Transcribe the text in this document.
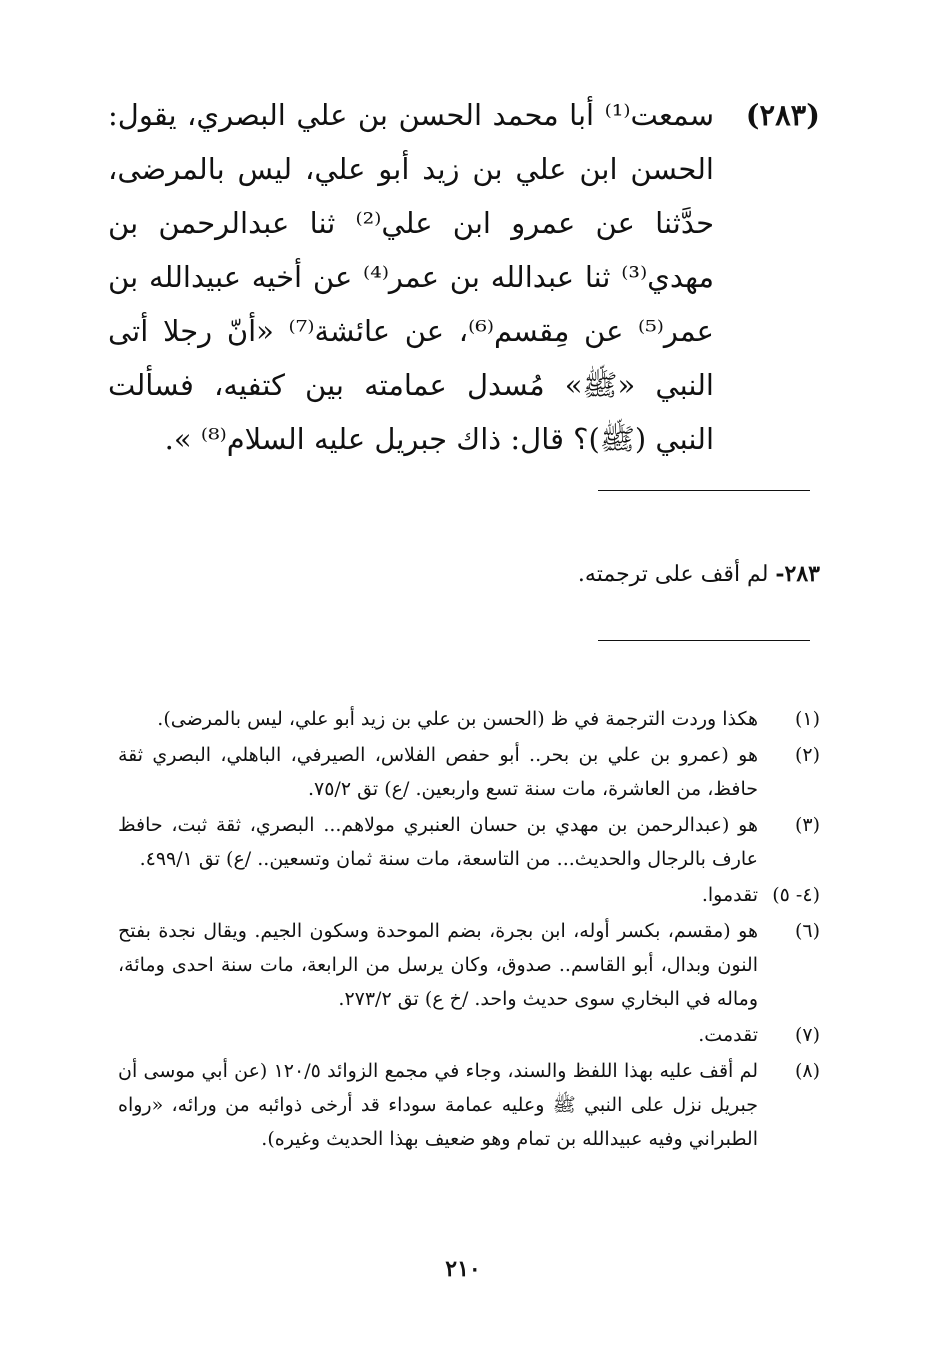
(٢٨٣)
سمعت⁽¹⁾ أبا محمد الحسن بن علي البصري، يقول: الحسن ابن علي بن زيد أبو علي، ليس بالمرضى، حدَّثنا عن عمرو ابن علي⁽²⁾ ثنا عبدالرحمن بن مهدي⁽³⁾ ثنا عبدالله بن عمر⁽⁴⁾ عن أخيه عبيدالله بن عمر⁽⁵⁾ عن مِقسم⁽⁶⁾، عن عائشة⁽⁷⁾ «أنّ رجلا أتى النبي «ﷺ» مُسدل عمامته بين كتفيه، فسألت النبي (ﷺ)؟ قال: ذاك جبريل عليه السلام⁽⁸⁾ ».
٢٨٣- لم أقف على ترجمته.
(١)
هكذا وردت الترجمة في ظ (الحسن بن علي بن زيد أبو علي، ليس بالمرضى).
(٢)
هو (عمرو بن علي بن بحر.. أبو حفص الفلاس، الصيرفي، الباهلي، البصري ثقة حافظ، من العاشرة، مات سنة تسع واربعين. /ع) تق ٧٥/٢.
(٣)
هو (عبدالرحمن بن مهدي بن حسان العنبري مولاهم... البصري، ثقة ثبت، حافظ عارف بالرجال والحديث... من التاسعة، مات سنة ثمان وتسعين.. /ع) تق ٤٩٩/١.
(٤- ٥)
تقدموا.
(٦)
هو (مقسم، بكسر أوله، ابن بجرة، بضم الموحدة وسكون الجيم. ويقال نجدة بفتح النون وبدال، أبو القاسم.. صدوق، وكان يرسل من الرابعة، مات سنة احدى ومائة، وماله في البخاري سوى حديث واحد. /خ ع) تق ٢٧٣/٢.
(٧)
تقدمت.
(٨)
لم أقف عليه بهذا اللفظ والسند، وجاء في مجمع الزوائد ١٢٠/٥ (عن أبي موسى أن جبريل نزل على النبي ﷺ وعليه عمامة سوداء قد أرخى ذوائبه من ورائه، «رواه الطبراني وفيه عبيدالله بن تمام وهو ضعيف بهذا الحديث وغيره).
٢١٠
